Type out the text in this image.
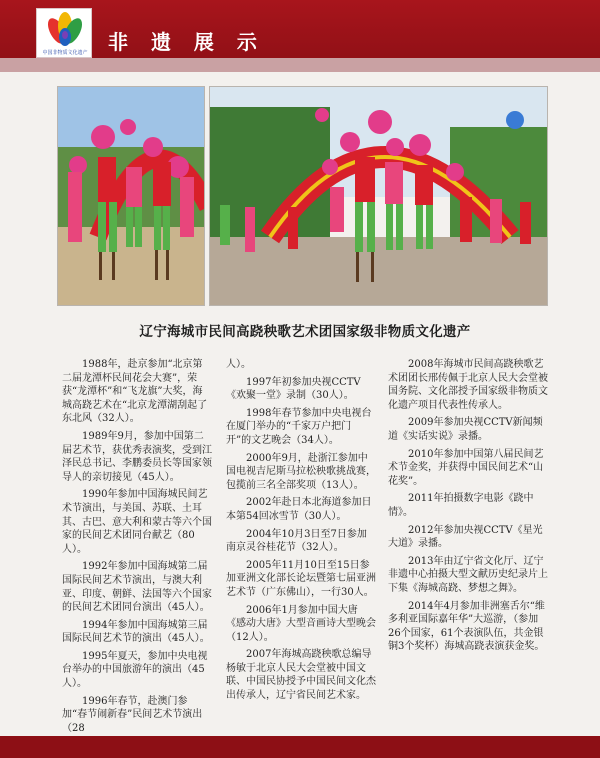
中国非物质文化遗产 非 遗 展 示
辽宁海城市民间高跷秧歌艺术团国家级非物质文化遗产

1988年，赴京参加“北京第二届龙潭杯民间花会大赛”，荣获“龙潭杯”和“飞龙旗”大奖，海城高跷艺术在“北京龙潭湖刮起了东北风（32人）。

1989年9月，参加中国第二届艺术节，获优秀表演奖，受到江泽民总书记、李鹏委员长等国家领导人的亲切接见（45人）。

1990年参加中国海城民间艺术节演出，与美国、苏联、土耳其、古巴、意大利和蒙古等六个国家的民间艺术团同台献艺（80人）。

1992年参加中国海城第二届国际民间艺术节演出，与澳大利亚、印度、朝鲜、法国等六个国家的民间艺术团同台演出（45人）。

1994年参加中国海城第三届国际民间艺术节的演出（45人）。

1995年夏天，参加中央电视台举办的中国旅游年的演出（45人）。

1996年春节，赴澳门参加“春节闹新春”民间艺术节演出（28

人）。

1997年初参加央视CCTV《欢聚一堂》录制（30人）。

1998年春节参加中央电视台在厦门举办的“千家万户把门开”的文艺晚会（34人）。

2000年9月，赴浙江参加中国电视吉尼斯马拉松秧歌挑战赛，包揽前三名全部奖项（13人）。

2002年赴日本北海道参加日本第54回冰雪节（30人）。

2004年10月3日至7日参加南京灵谷桂花节（32人）。

2005年11月10日至15日参加亚洲文化部长论坛暨第七届亚洲艺术节（广东佛山），一行30人。

2006年1月参加中国大唐《感动大唐》大型音画诗大型晚会（12人）。

2007年海城高跷秧歌总编导杨敏于北京人民大会堂被中国文联、中国民协授予中国民间文化杰出传承人，辽宁省民间艺术家。

2008年海城市民间高跷秧歌艺术团团长邢传佩于北京人民大会堂被国务院、文化部授予国家级非物质文化遗产项目代表性传承人。

2009年参加央视CCTV新闻频道《实话实说》录播。

2010年参加中国第八届民间艺术节金奖，并获得中国民间艺术“山花奖”。

2011年拍摄数字电影《跷中情》。

2012年参加央视CCTV《星光大道》录播。

2013年由辽宁省文化厅、辽宁非遗中心拍摄大型文献历史纪录片上下集《海城高跷、梦想之舞》。

2014年4月参加非洲塞舌尔“维多利亚国际嘉年华”大巡游，（参加26个国家，61个表演队伍，共金银铜3个奖杯）海城高跷表演获金奖。
